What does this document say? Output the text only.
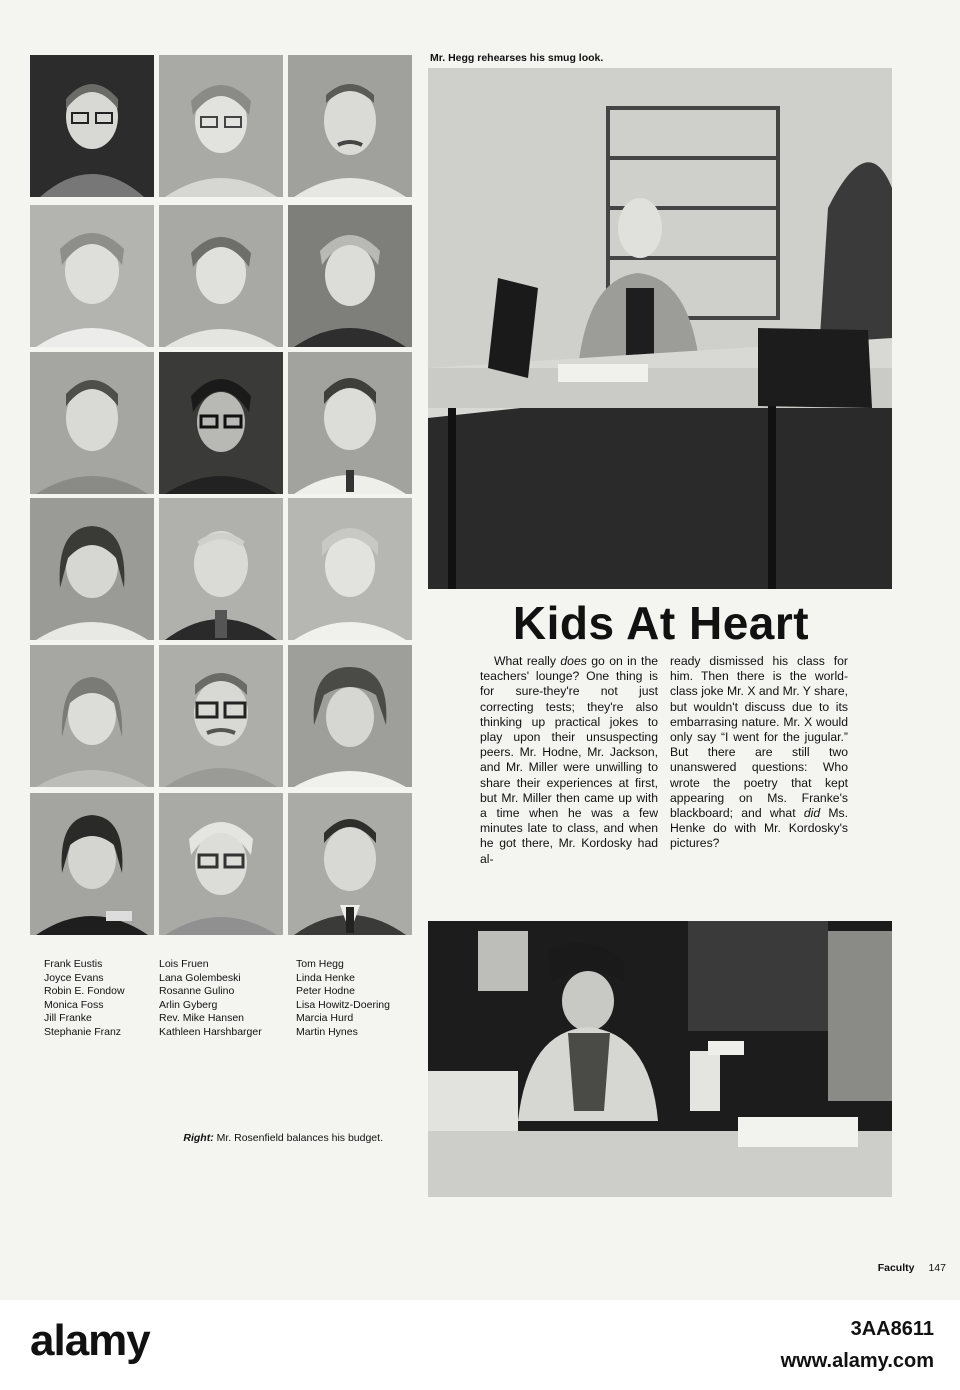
Frank Eustis
Joyce Evans
Robin E. Fondow
Monica Foss
Jill Franke
Stephanie Franz
Lois Fruen
Lana Golembeski
Rosanne Gulino
Arlin Gyberg
Rev. Mike Hansen
Kathleen Harshbarger
Tom Hegg
Linda Henke
Peter Hodne
Lisa Howitz-Doering
Marcia Hurd
Martin Hynes
Mr. Hegg rehearses his smug look.
Kids At Heart
What really does go on in the teachers' lounge? One thing is for sure-they're not just correcting tests; they're also thinking up practical jokes to play upon their unsuspecting peers. Mr. Hodne, Mr. Jackson, and Mr. Miller were unwilling to share their experiences at first, but Mr. Miller then came up with a time when he was a few minutes late to class, and when he got there, Mr. Kordosky had al-
ready dismissed his class for him. Then there is the world-class joke Mr. X and Mr. Y share, but wouldn't discuss due to its embarrasing nature. Mr. X would only say “I went for the jugular.” But there are still two unanswered questions: Who wrote the poetry that kept appearing on Ms. Franke's blackboard; and what did Ms. Henke do with Mr. Kordosky's pictures?
Right: Mr. Rosenfield balances his budget.
Faculty 147
alamy	3AA8611
www.alamy.com
